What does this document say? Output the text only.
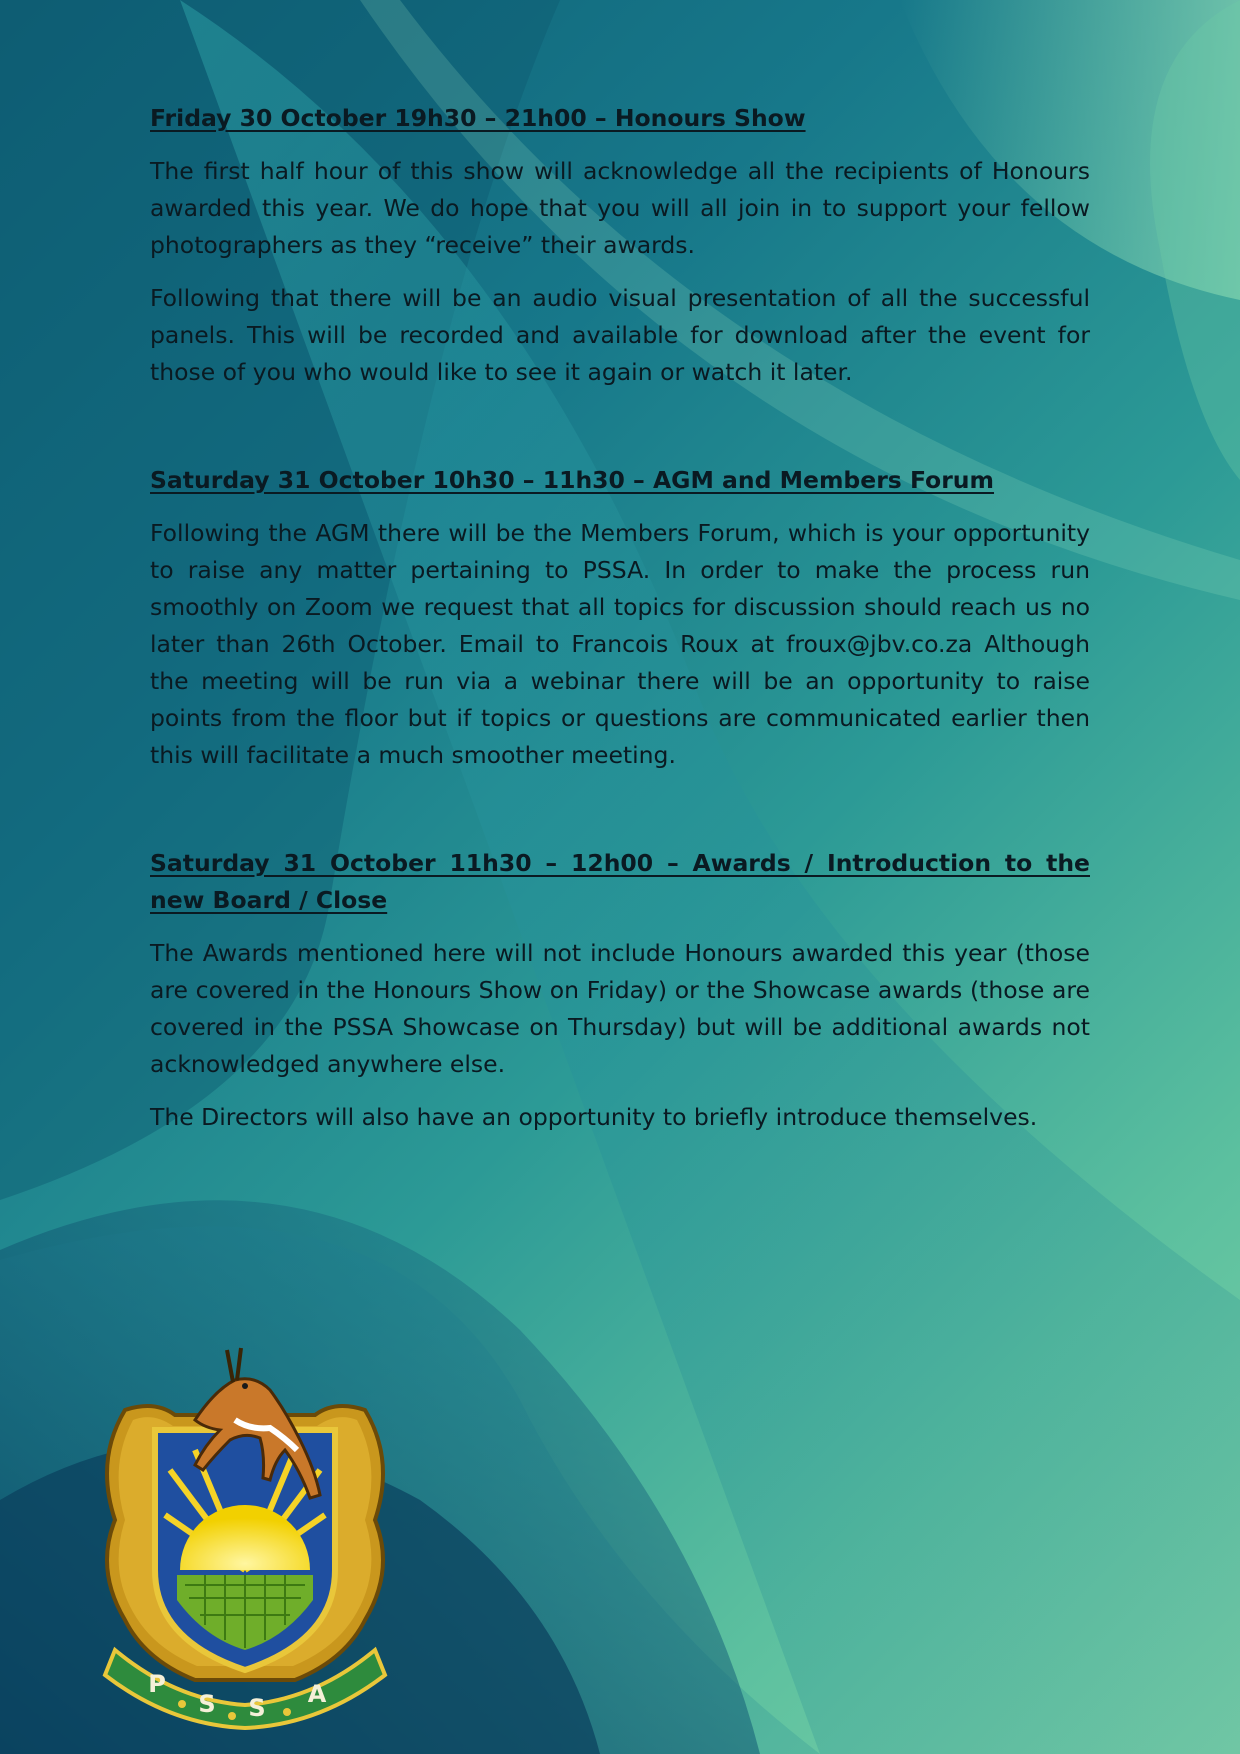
Friday 30 October 19h30 – 21h00 – Honours Show

The first half hour of this show will acknowledge all the recipients of Honours awarded this year. We do hope that you will all join in to support your fellow photographers as they “receive” their awards.

Following that there will be an audio visual presentation of all the successful panels. This will be recorded and available for download after the event for those of you who would like to see it again or watch it later.

Saturday 31 October 10h30 – 11h30 – AGM and Members Forum

Following the AGM there will be the Members Forum, which is your opportunity to raise any matter pertaining to PSSA. In order to make the process run smoothly on Zoom we request that all topics for discussion should reach us no later than 26th October. Email to Francois Roux at froux@jbv.co.za Although the meeting will be run via a webinar there will be an opportunity to raise points from the floor but if topics or questions are communicated earlier then this will facilitate a much smoother meeting.

Saturday 31 October 11h30 – 12h00 – Awards / Introduction to the new Board / Close

The Awards mentioned here will not include Honours awarded this year (those are covered in the Honours Show on Friday) or the Showcase awards (those are covered in the PSSA Showcase on Thursday) but will be additional awards not acknowledged anywhere else.

The Directors will also have an opportunity to briefly introduce themselves.

P
S S A
